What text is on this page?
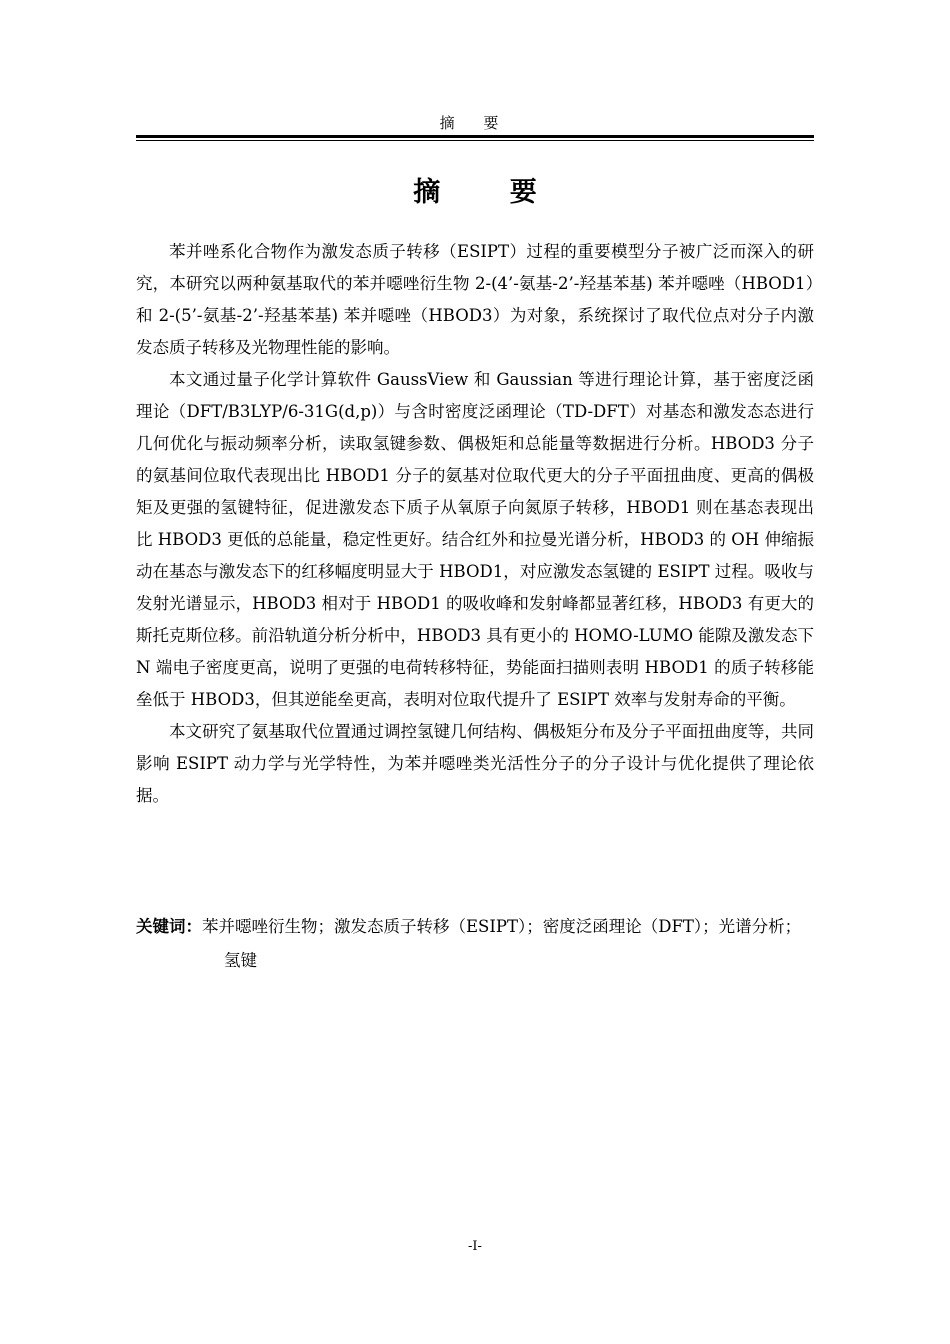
摘 要
摘 要

苯并唑系化合物作为激发态质子转移（ESIPT）过程的重要模型分子被广泛而深入的研究，本研究以两种氨基取代的苯并噁唑衍生物 2-(4’-氨基-2’-羟基苯基) 苯并噁唑（HBOD1）和 2-(5’-氨基-2’-羟基苯基) 苯并噁唑（HBOD3）为对象，系统探讨了取代位点对分子内激发态质子转移及光物理性能的影响。

本文通过量子化学计算软件 GaussView 和 Gaussian 等进行理论计算，基于密度泛函理论（DFT/B3LYP/6-31G(d,p)）与含时密度泛函理论（TD-DFT）对基态和激发态态进行几何优化与振动频率分析，读取氢键参数、偶极矩和总能量等数据进行分析。HBOD3 分子的氨基间位取代表现出比 HBOD1 分子的氨基对位取代更大的分子平面扭曲度、更高的偶极矩及更强的氢键特征，促进激发态下质子从氧原子向氮原子转移，HBOD1 则在基态表现出比 HBOD3 更低的总能量，稳定性更好。结合红外和拉曼光谱分析，HBOD3 的 OH 伸缩振动在基态与激发态下的红移幅度明显大于 HBOD1，对应激发态氢键的 ESIPT 过程。吸收与发射光谱显示，HBOD3 相对于 HBOD1 的吸收峰和发射峰都显著红移，HBOD3 有更大的斯托克斯位移。前沿轨道分析分析中，HBOD3 具有更小的 HOMO-LUMO 能隙及激发态下 N 端电子密度更高，说明了更强的电荷转移特征，势能面扫描则表明 HBOD1 的质子转移能垒低于 HBOD3，但其逆能垒更高，表明对位取代提升了 ESIPT 效率与发射寿命的平衡。

本文研究了氨基取代位置通过调控氢键几何结构、偶极矩分布及分子平面扭曲度等，共同影响 ESIPT 动力学与光学特性，为苯并噁唑类光活性分子的分子设计与优化提供了理论依据。

关键词：苯并噁唑衍生物；激发态质子转移（ESIPT）；密度泛函理论（DFT）；光谱分析；氢键
-I-
